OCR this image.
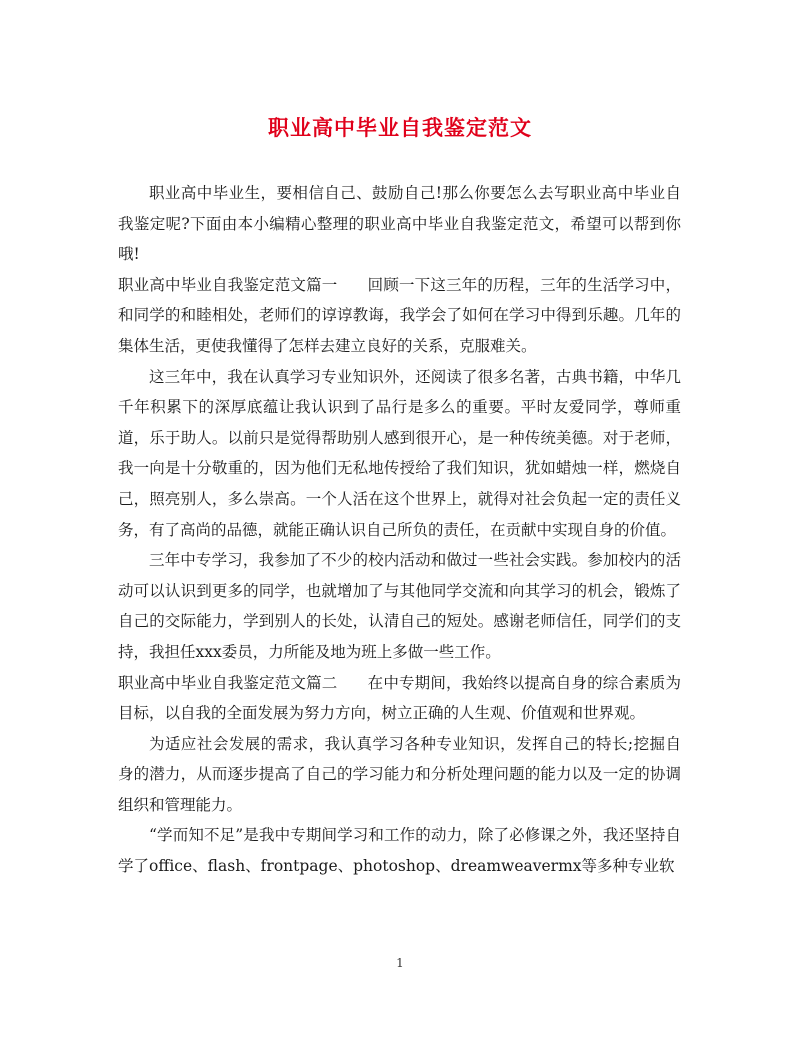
职业高中毕业自我鉴定范文

职业高中毕业生，要相信自己、鼓励自己!那么你要怎么去写职业高中毕业自我鉴定呢?下面由本小编精心整理的职业高中毕业自我鉴定范文，希望可以帮到你哦!

职业高中毕业自我鉴定范文篇一 回顾一下这三年的历程，三年的生活学习中，和同学的和睦相处，老师们的谆谆教诲，我学会了如何在学习中得到乐趣。几年的集体生活，更使我懂得了怎样去建立良好的关系，克服难关。

这三年中，我在认真学习专业知识外，还阅读了很多名著，古典书籍，中华几千年积累下的深厚底蕴让我认识到了品行是多么的重要。平时友爱同学，尊师重道，乐于助人。以前只是觉得帮助别人感到很开心，是一种传统美德。对于老师，我一向是十分敬重的，因为他们无私地传授给了我们知识，犹如蜡烛一样，燃烧自己，照亮别人，多么崇高。一个人活在这个世界上，就得对社会负起一定的责任义务，有了高尚的品德，就能正确认识自己所负的责任，在贡献中实现自身的价值。

三年中专学习，我参加了不少的校内活动和做过一些社会实践。参加校内的活动可以认识到更多的同学，也就增加了与其他同学交流和向其学习的机会，锻炼了自己的交际能力，学到别人的长处，认清自己的短处。感谢老师信任，同学们的支持，我担任xxx委员，力所能及地为班上多做一些工作。

职业高中毕业自我鉴定范文篇二 在中专期间，我始终以提高自身的综合素质为目标，以自我的全面发展为努力方向，树立正确的人生观、价值观和世界观。

为适应社会发展的需求，我认真学习各种专业知识，发挥自己的特长;挖掘自身的潜力，从而逐步提高了自己的学习能力和分析处理问题的能力以及一定的协调组织和管理能力。

“学而知不足”是我中专期间学习和工作的动力，除了必修课之外，我还坚持自学了office、flash、frontpage、photoshop、dreamweavermx等多种专业软

1
